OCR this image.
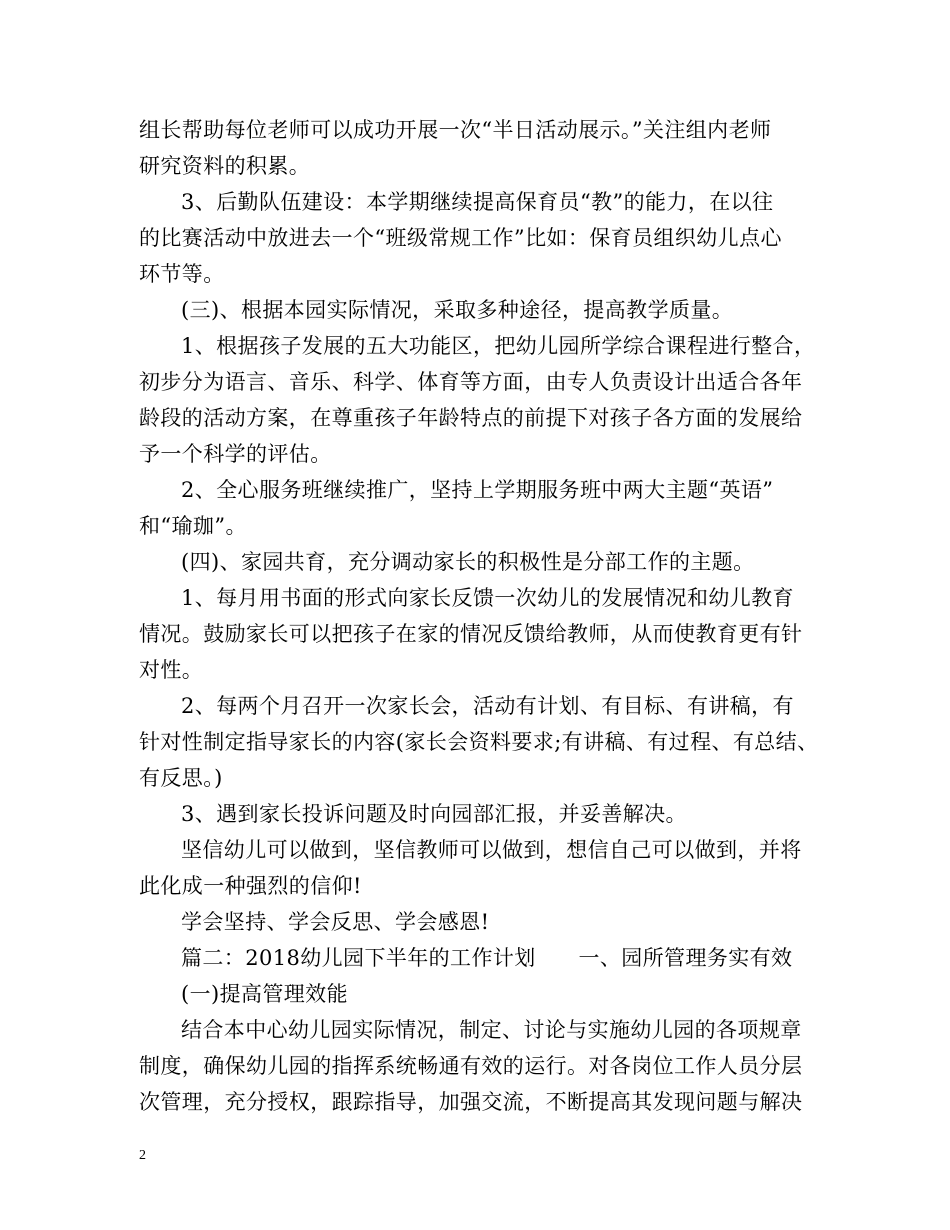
组长帮助每位老师可以成功开展一次“半日活动展示。”关注组内老师
研究资料的积累。
3、后勤队伍建设：本学期继续提高保育员“教”的能力，在以往
的比赛活动中放进去一个“班级常规工作”比如：保育员组织幼儿点心
环节等。
(三)、根据本园实际情况，采取多种途径，提高教学质量。
1、根据孩子发展的五大功能区，把幼儿园所学综合课程进行整合，
初步分为语言、音乐、科学、体育等方面，由专人负责设计出适合各年
龄段的活动方案，在尊重孩子年龄特点的前提下对孩子各方面的发展给
予一个科学的评估。
2、全心服务班继续推广，坚持上学期服务班中两大主题“英语”
和“瑜珈”。
(四)、家园共育，充分调动家长的积极性是分部工作的主题。
1、每月用书面的形式向家长反馈一次幼儿的发展情况和幼儿教育
情况。鼓励家长可以把孩子在家的情况反馈给教师，从而使教育更有针
对性。
2、每两个月召开一次家长会，活动有计划、有目标、有讲稿，有
针对性制定指导家长的内容(家长会资料要求;有讲稿、有过程、有总结、
有反思。)
3、遇到家长投诉问题及时向园部汇报，并妥善解决。
坚信幼儿可以做到，坚信教师可以做到，想信自己可以做到，并将
此化成一种强烈的信仰!
学会坚持、学会反思、学会感恩!
篇二：2018幼儿园下半年的工作计划　　一、园所管理务实有效
(一)提高管理效能
结合本中心幼儿园实际情况，制定、讨论与实施幼儿园的各项规章
制度，确保幼儿园的指挥系统畅通有效的运行。对各岗位工作人员分层
次管理，充分授权，跟踪指导，加强交流，不断提高其发现问题与解决
2
